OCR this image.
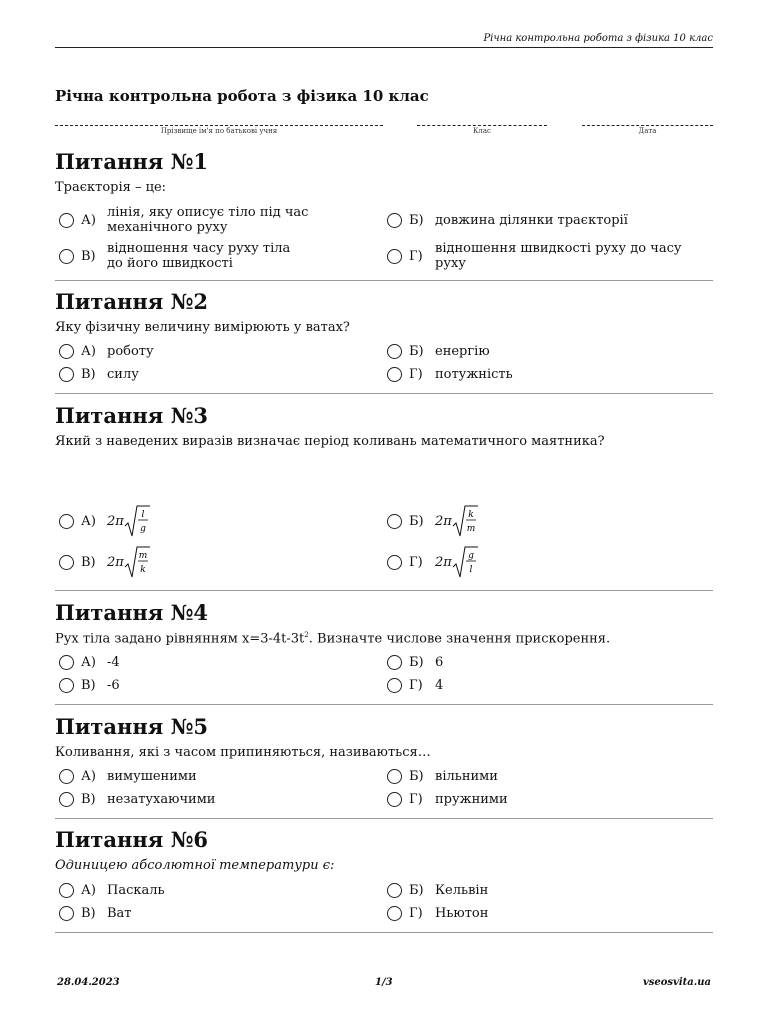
Річна контрольна робота з фізика 10 клас
Річна контрольна робота з фізика 10 клас
Прізвище ім'я по батькові учня	Клас	Дата
Питання №1
Траєкторія – це:
А) лінія, яку описує тіло під час механічного руху	Б) довжина ділянки траєкторії
В) відношення часу руху тіла до його швидкості	Г) відношення швидкості руху до часу руху
Питання №2
Яку фізичну величину вимірюють у ватах?
А) роботу	Б) енергію
В) силу	Г) потужність
Питання №3
Який з наведених виразів визначає період коливань математичного маятника?
А) 2π l
g
Б) 2π k
m
В) 2π m
k
Г) 2π g
l
Питання №4
Рух тіла задано рівнянням $x=3-4t-3t^2$. Визначте числове значення прискорення.
А) -4	Б) 6
В) -6	Г) 4
Питання №5
Коливання, які з часом припиняються, називаються…
А) вимушеними	Б) вільними
В) незатухаючими	Г) пружними
Питання №6
Одиницею абсолютної температури є:
А) Паскаль	Б) Кельвін
В) Ват	Г) Ньютон
28.04.2023	1/3	vseosvita.ua
